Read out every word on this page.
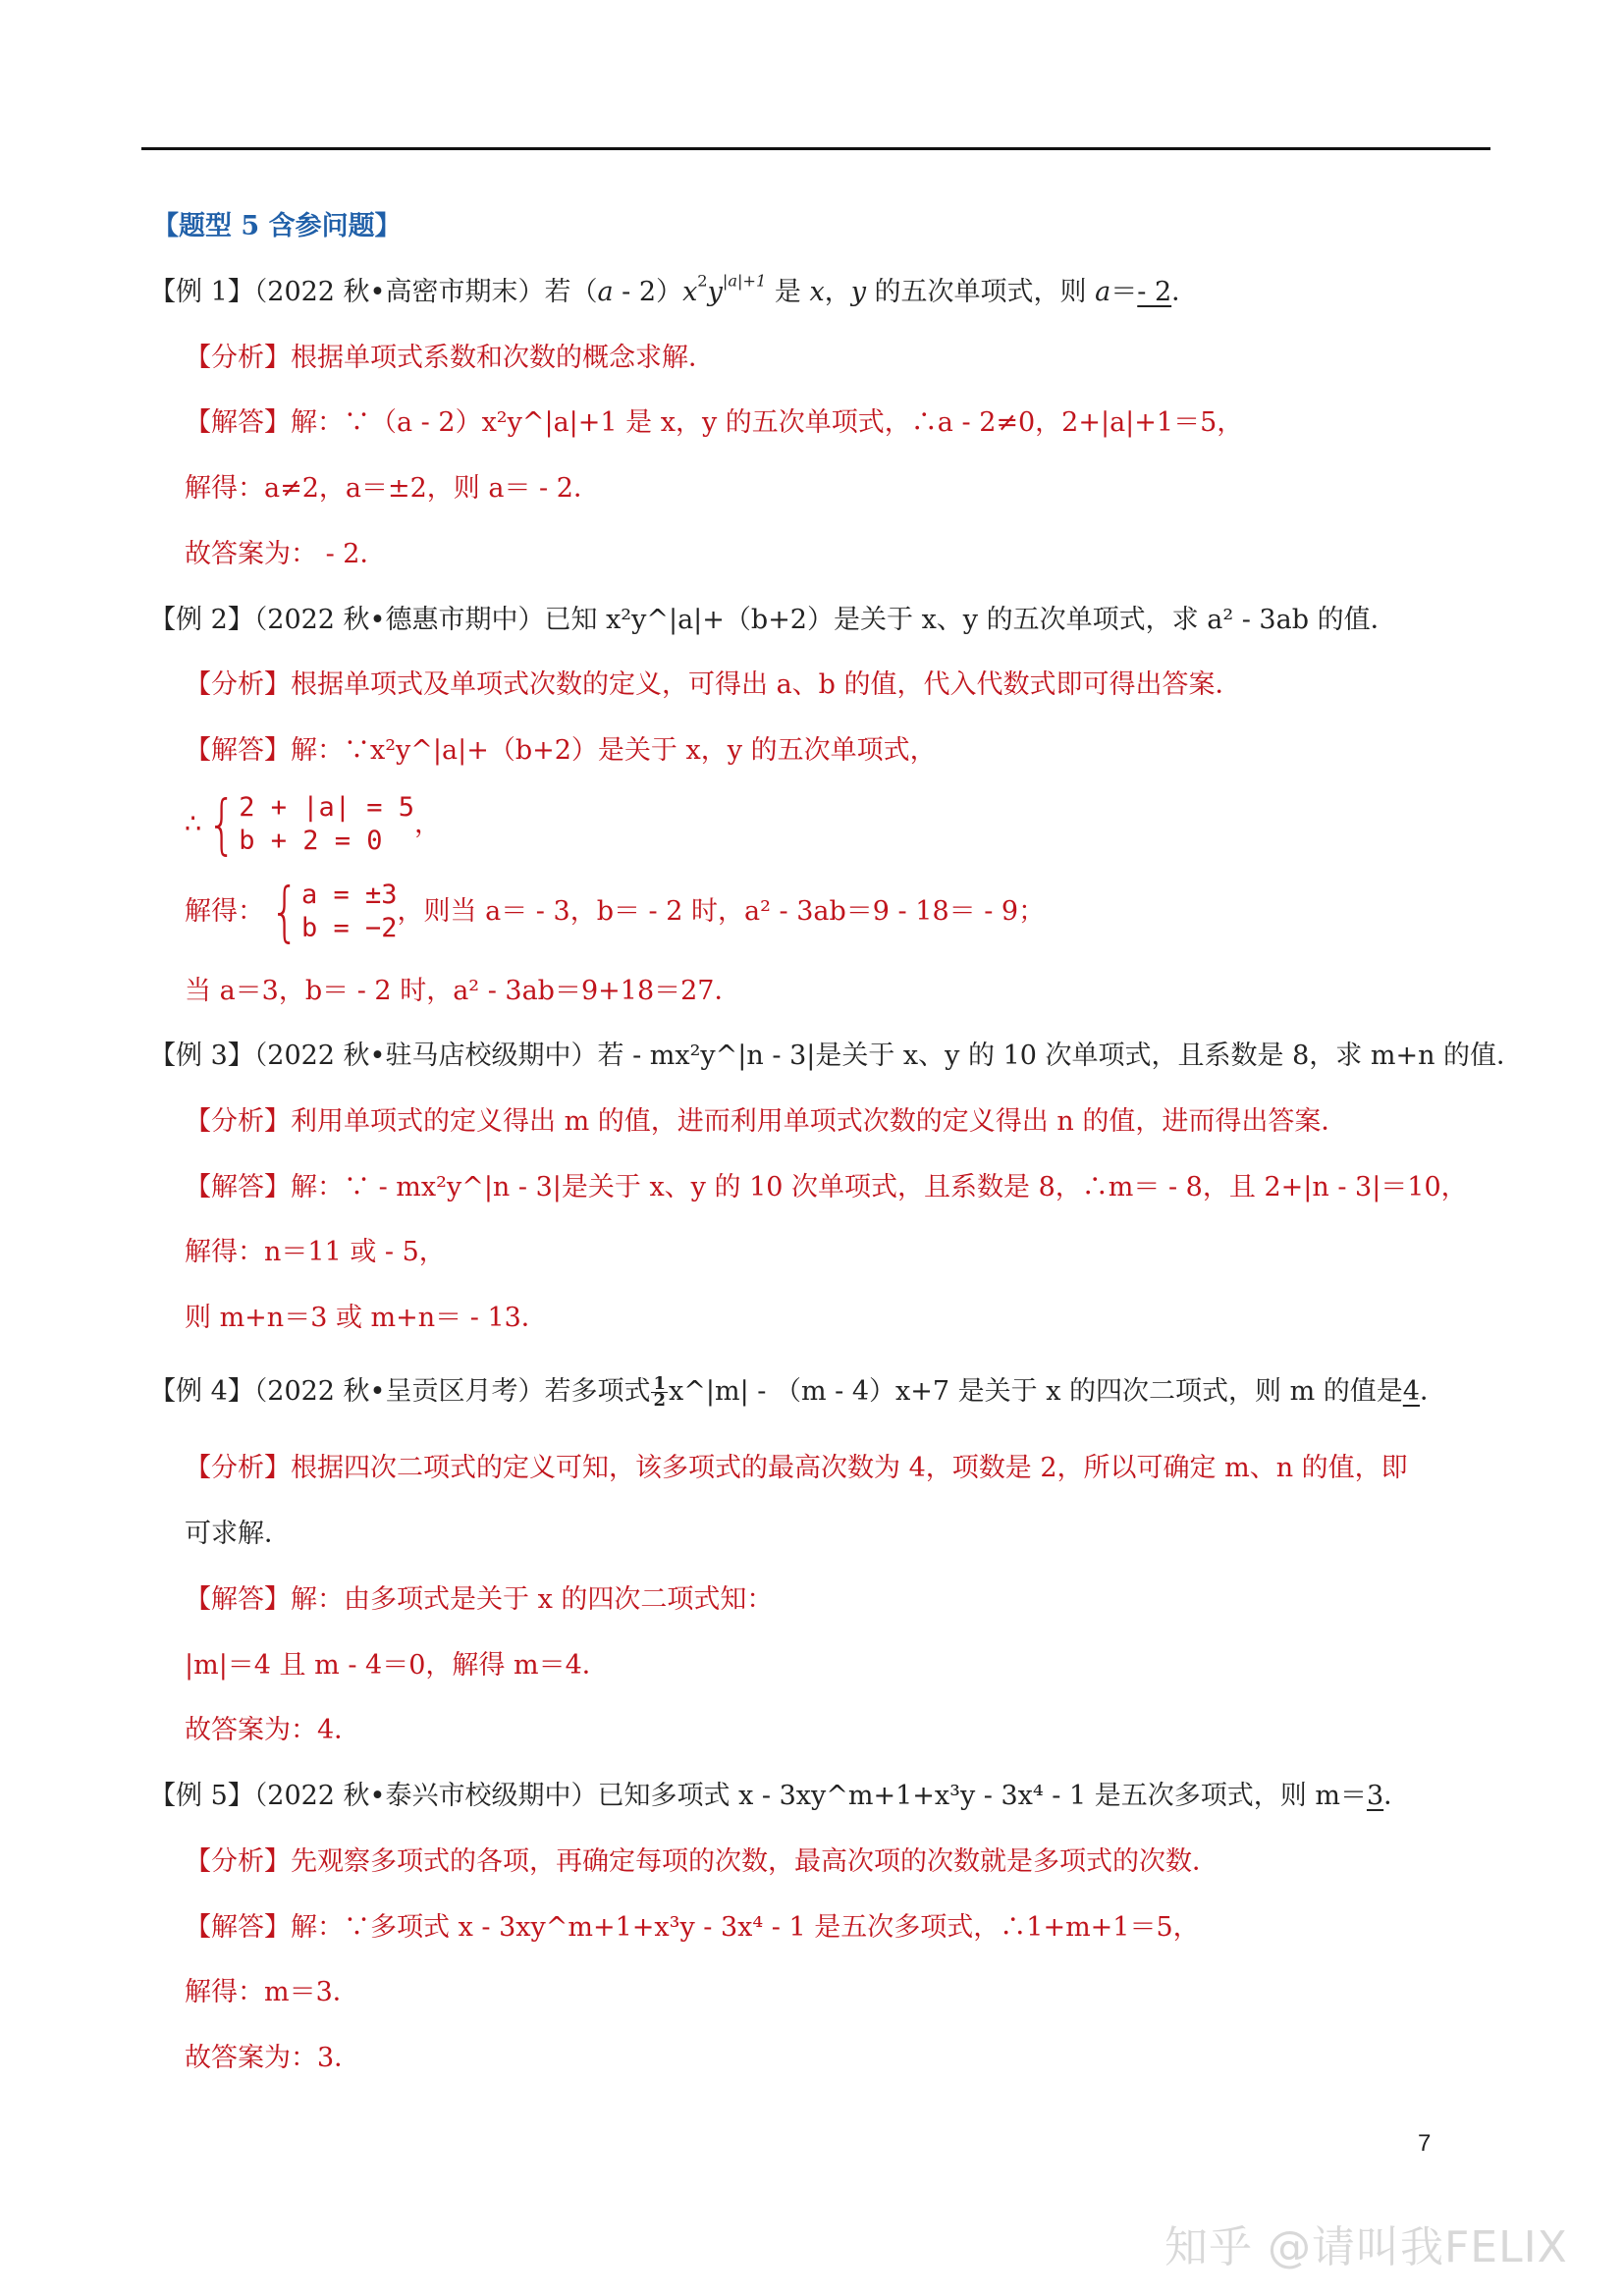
【题型 5 含参问题】
【例 1】（2022 秋•高密市期末）若（a ‑ $2)x^2y^{|a|+1}$ 是 x，y 的五次单项式，则 a＝‑ 2．
【分析】根据单项式系数和次数的概念求解．
【解答】解：∵（a ‑ 2）x²y^|a|+1 是 x，y 的五次单项式，∴a ‑ 2≠0，2+|a|+1＝5，
解得：a≠2，a＝±2，则 a＝ ‑ 2．
故答案为： ‑ 2．
【例 2】（2022 秋•德惠市期中）已知 x²y^|a|+（b+2）是关于 x、y 的五次单项式，求 a² ‑ 3ab 的值．
【分析】根据单项式及单项式次数的定义，可得出 a、b 的值，代入代数式即可得出答案．
【解答】解：∵x²y^|a|+（b+2）是关于 x，y 的五次单项式，
∴{ 2 + |a| = 5
b + 2 = 0
，
解得：{ a = ±3
b = −2
，则当 a＝ ‑ 3，b＝ ‑ 2 时，a² ‑ 3ab＝9 ‑ 18＝ ‑ 9；
当 a＝3，b＝ ‑ 2 时，a² ‑ 3ab＝9+18＝27．
【例 3】（2022 秋•驻马店校级期中）若 ‑ mx²y^|n ‑ 3|是关于 x、y 的 10 次单项式，且系数是 8，求 m+n 的值．
【分析】利用单项式的定义得出 m 的值，进而利用单项式次数的定义得出 n 的值，进而得出答案．
【解答】解：∵ ‑ mx²y^|n ‑ 3|是关于 x、y 的 10 次单项式，且系数是 8，∴m＝ ‑ 8，且 2+|n ‑ 3|＝10，
解得：n＝11 或 ‑ 5，
则 m+n＝3 或 m+n＝ ‑ 13．
【例 4】（2022 秋•呈贡区月考）若多项式 $\frac{1}{2}$ x^|m| ‑ （m ‑ 4）x+7 是关于 x 的四次二项式，则 m 的值是4．
【分析】根据四次二项式的定义可知，该多项式的最高次数为 4，项数是 2，所以可确定 m、n 的值，即
可求解．
【解答】解：由多项式是关于 x 的四次二项式知：
|m|＝4 且 m ‑ 4＝0，解得 m＝4．
故答案为：4．
【例 5】（2022 秋•泰兴市校级期中）已知多项式 x ‑ 3xy^m+1+x³y ‑ 3x⁴ ‑ 1 是五次多项式，则 m＝3．
【分析】先观察多项式的各项，再确定每项的次数，最高次项的次数就是多项式的次数．
【解答】解：∵多项式 x ‑ 3xy^m+1+x³y ‑ 3x⁴ ‑ 1 是五次多项式，∴1+m+1＝5，
解得：m＝3．
故答案为：3．
7
知乎 @请叫我FELIX
